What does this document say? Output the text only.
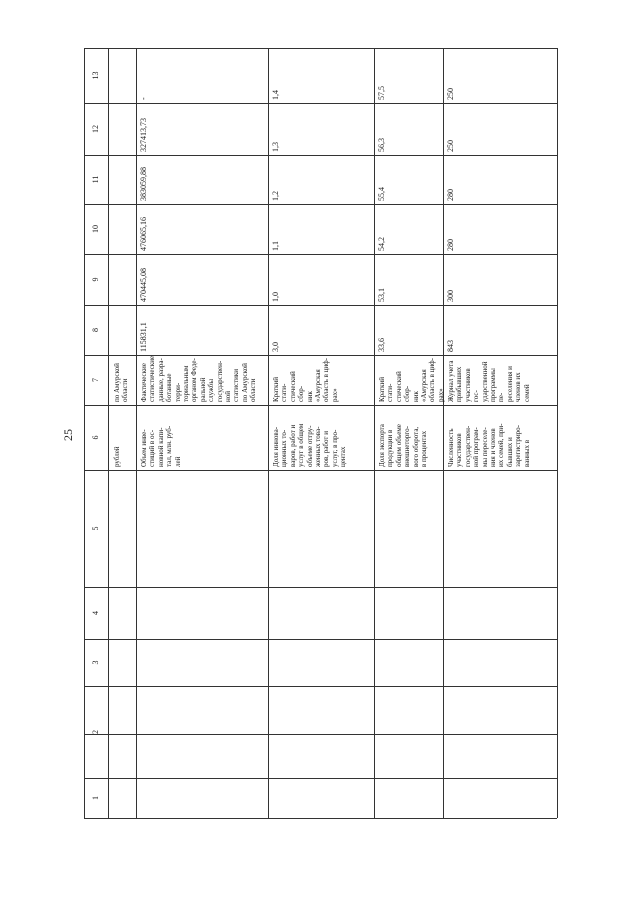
25
1
2
3
4
5
6
7
8
9
10
11
12
13
рублей
по Амурской
области
Объем инве-
стиций в ос-
новной капи-
тал, млн. руб-
лей
Фактические
статистические
данные, разра-
ботанные терри-
ториальным
органом Феде-
ральной службы
государствен-
ной статистики
по Амурской
области
115831,1
470445,08
476065,16
383059,88
327413,73
-
Доля иннова-
ционных то-
варов, работ и
услуг в общем
объеме отгру-
женных това-
ров, работ и
услуг, в про-
центах
Краткий стати-
стический сбор-
ник «Амурская
область в циф-
рах»
3,0
1,0
1,1
1,2
1,3
1,4
Доля экспорта
продукции в
общем объеме
внешнеторго-
вого оборота,
в процентах
Краткий стати-
стический сбор-
ник «Амурская
область в циф-
рах»
33,6
53,1
54,2
55,4
56,3
57,5
Численность
участников
государствен-
ной програм-
мы переселе-
ния и членов
их семей, при-
бывших и
зарегистриро-
ванных в
Журнал учета
прибывших
участников гос-
ударственной
программы пе-
реселения и
членов их семей
843
300
280
280
250
250
